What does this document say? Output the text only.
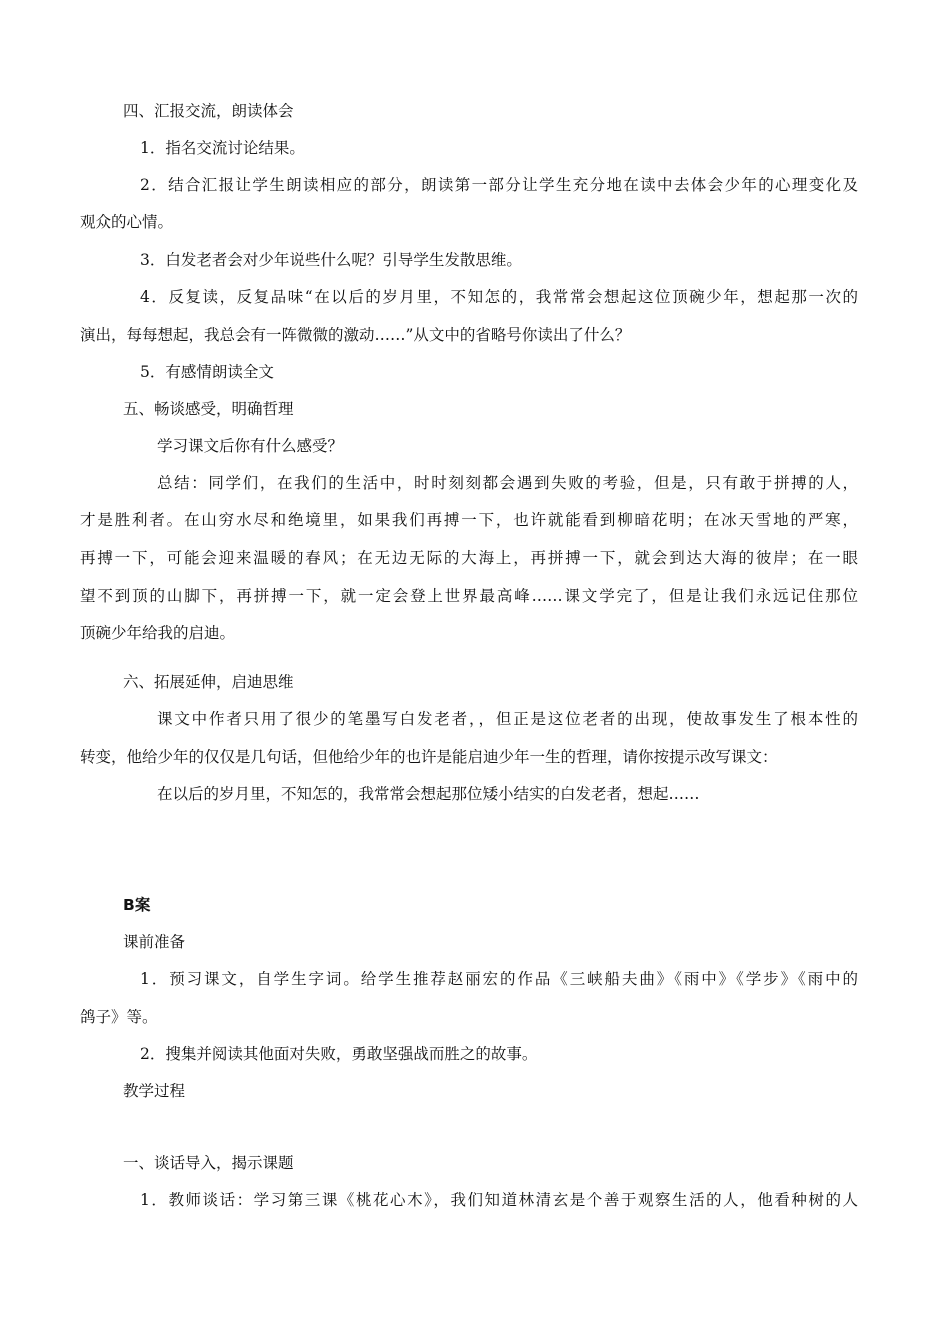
四、汇报交流，朗读体会
1．指名交流讨论结果。
2．结合汇报让学生朗读相应的部分，朗读第一部分让学生充分地在读中去体会少年的心理变化及
观众的心情。
3．白发老者会对少年说些什么呢？引导学生发散思维。
4．反复读，反复品味“在以后的岁月里，不知怎的，我常常会想起这位顶碗少年，想起那一次的
演出，每每想起，我总会有一阵微微的激动……”从文中的省略号你读出了什么？
5．有感情朗读全文
五、畅谈感受，明确哲理
学习课文后你有什么感受？
总结：同学们，在我们的生活中，时时刻刻都会遇到失败的考验，但是，只有敢于拼搏的人，
才是胜利者。在山穷水尽和绝境里，如果我们再搏一下，也许就能看到柳暗花明；在冰天雪地的严寒，
再搏一下，可能会迎来温暖的春风；在无边无际的大海上，再拼搏一下，就会到达大海的彼岸；在一眼
望不到顶的山脚下，再拼搏一下，就一定会登上世界最高峰……课文学完了，但是让我们永远记住那位
顶碗少年给我的启迪。
六、拓展延伸，启迪思维
课文中作者只用了很少的笔墨写白发老者，，但正是这位老者的出现，使故事发生了根本性的
转变，他给少年的仅仅是几句话，但他给少年的也许是能启迪少年一生的哲理，请你按提示改写课文：
在以后的岁月里，不知怎的，我常常会想起那位矮小结实的白发老者，想起……
B案
课前准备
1．预习课文，自学生字词。给学生推荐赵丽宏的作品《三峡船夫曲》《雨中》《学步》《雨中的
鸽子》等。
2．搜集并阅读其他面对失败，勇敢坚强战而胜之的故事。
教学过程
一、谈话导入，揭示课题
1．教师谈话：学习第三课《桃花心木》，我们知道林清玄是个善于观察生活的人，他看种树的人
